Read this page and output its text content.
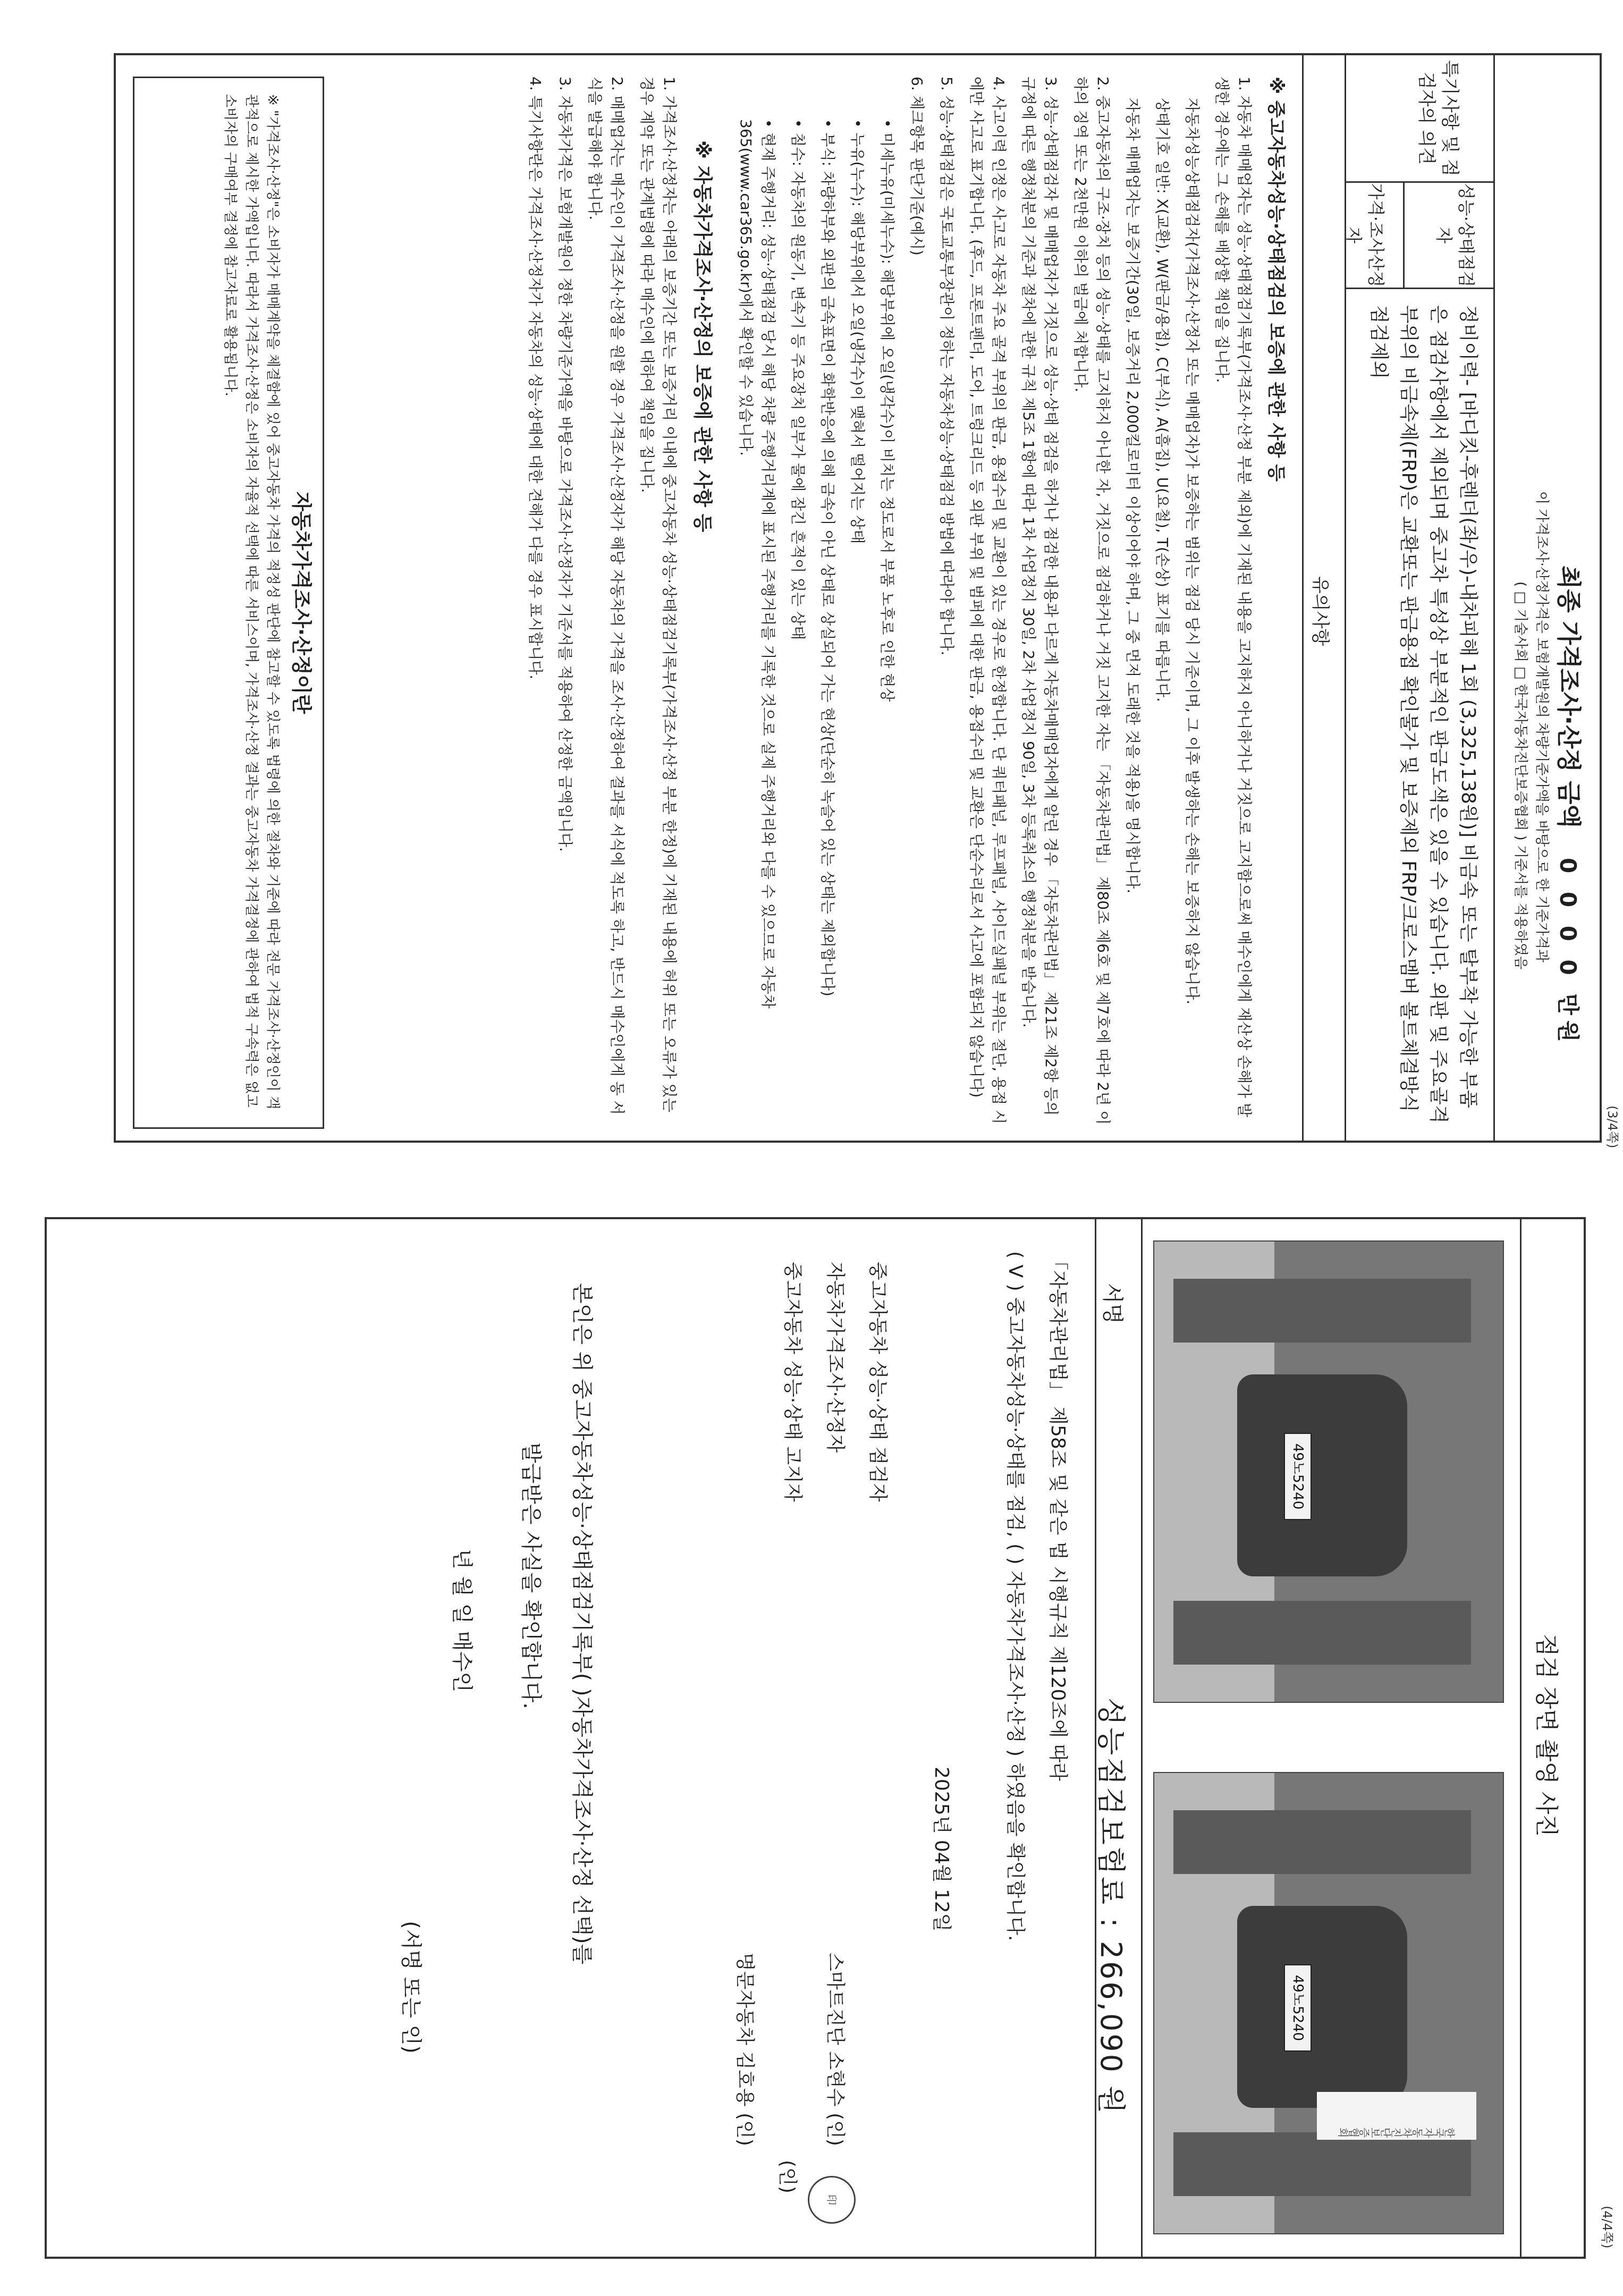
(3/4쪽)
최종 가격조사·산정 금액 0 0 0 0 만원
이 가격조사·산정가격은 보험개발원의 차량기준가액을 바탕으로 한 기준가격과
( □ 기술사회 □ 한국자동차진단보증협회 ) 기준서를 적용하였음
특기사항 및 점검자의 의견
성능·상태점검자
가격·조사산정자
정비이력- [바디킷-후렌더(좌/우)-내차피해 1회 (3,325,138원)] 비금속 또는 탈부착 가능한 부품은 점검사항에서 제외되며 중고차 특성상 부분적인 판금도색은 있을 수 있습니다. 외판 및 주요골격부위의 비금속제(FRP)은 교환또는 판금용접 확인불가 및 보증제외 FRP/크로스멤버 볼트체결방식 점검제외
유의사항

※ 중고자동차성능·상태점검의 보증에 관한 사항 등

1. 자동차 매매업자는 성능·상태점검기록부(가격조사·산정 부분 제외)에 기재된 내용을 고지하지 아니하거나 거짓으로 고지함으로써 매수인에게 재산상 손해가 발생한 경우에는 그 손해를 배상할 책임을 집니다.

자동차성능상태점검자(가격조사·산정자 또는 매매업자)가 보증하는 범위는 점검 당시 기준이며, 그 이후 발생하는 손해는 보증하지 않습니다.

상태기호 일반: X(교환), W(판금/용접), C(부식), A(흠집), U(요철), T(손상) 표기를 따릅니다.

자동차 매매업자는 보증기간(30일, 보증거리 2,000킬로미터 이상이어야 하며, 그 중 먼저 도래한 것을 적용)을 명시합니다.

2. 중고자동차의 구조·장치 등의 성능·상태를 고지하지 아니한 자, 거짓으로 점검하거나 거짓 고지한 자는 「자동차관리법」 제80조 제6호 및 제7호에 따라 2년 이하의 징역 또는 2천만원 이하의 벌금에 처합니다.

3. 성능·상태점검자 및 매매업자가 거짓으로 성능·상태 점검을 하거나 점검한 내용과 다르게 자동차매매업자에게 알린 경우 「자동차관리법」 제21조 제2항 등의 규정에 따른 행정처분의 기준과 절차에 관한 규칙 제5조 1항에 따라 1차 사업정지 30일, 2차 사업정지 90일, 3차 등록취소의 행정처분을 받습니다.

4. 사고이력 인정은 사고로 자동차 주요 골격 부위의 판금, 용접수리 및 교환이 있는 경우로 한정합니다. 단 쿼터패널, 루프패널, 사이드실패널 부위는 절단, 용접 시에만 사고로 표기합니다. (후드, 프론트펜더, 도어, 트렁크리드 등 외판 부위 및 범퍼에 대한 판금, 용접수리 및 교환은 단순수리로서 사고에 포함되지 않습니다)

5. 성능·상태점검은 국토교통부장관이 정하는 자동차성능·상태점검 방법에 따라야 합니다.

6. 체크항목 판단기준(예시)

• 미세누유(미세누수): 해당부위에 오일(냉각수)이 비치는 정도로서 부품 노후로 인한 현상

• 누유(누수): 해당부위에서 오일(냉각수)이 맺혀서 떨어지는 상태

• 부식: 차량하부와 외판의 금속표면이 화학반응에 의해 금속이 아닌 상태로 상실되어 가는 현상(단순히 녹슬어 있는 상태는 제외합니다)

• 침수: 자동차의 원동기, 변속기 등 주요장치 일부가 물에 잠긴 흔적이 있는 상태

• 현재 주행거리: 성능·상태점검 당시 해당 차량 주행거리계에 표시된 주행거리를 기록한 것으로 실제 주행거리와 다를 수 있으므로 자동차365(www.car365.go.kr)에서 확인할 수 있습니다.

※ 자동차가격조사·산정의 보증에 관한 사항 등

1. 가격조사·산정자는 아래의 보증기간 또는 보증거리 이내에 중고자동차 성능·상태점검기록부(가격조사·산정 부분 한정)에 기재된 내용에 허위 또는 오류가 있는 경우 계약 또는 관계법령에 따라 매수인에 대하여 책임을 집니다.

2. 매매업자는 매수인이 가격조사·산정을 원할 경우 가격조사·산정자가 해당 자동차의 가격을 조사·산정하여 결과를 서식에 적도록 하고, 반드시 매수인에게 동 서식을 발급해야 합니다.

3. 자동차가격은 보험개발원이 정한 차량기준가액을 바탕으로 가격조사·산정자가 기준서를 적용하여 산정한 금액입니다.

4. 특기사항란은 가격조사·산정자가 자동차의 성능·상태에 대한 견해가 다를 경우 표시합니다.

자동차가격조사·산정이란
※ "가격조사·산정"은 소비자가 매매계약을 체결함에 있어 중고자동차 가격의 적정성 판단에 참고할 수 있도록 법령에 의한 절차와 기준에 따라 전문 가격조사·산정인이 객관적으로 제시한 가액입니다. 따라서 가격조사·산정은 소비자의 자율적 선택에 따른 서비스이며, 가격조사·산정 결과는 중고자동차 가격결정에 관하여 법적 구속력은 없고 소비자의 구매여부 결정에 참고자료로 활용됩니다.
(4/4쪽)
점검 장면 촬영 사진
49노5240
49노5240
한국자동차진단보증협회
서명
성능점검보험료 : 266,090 원

「자동차관리법」 제58조 및 같은 법 시행규칙 제120조에 따라

( V ) 중고자동차성능·상태를 점검, ( ) 자동차가격조사·산정 ) 하였음을 확인합니다.

2025년 04월 12일
중고자동차 성능·상태 점검자
스마트진단 소현수 (인)
印
자동차가격조사·산정자
(인)
중고자동차 성능·상태 고지자
명문자동차 김호용 (인)

본인은 위 중고자동차성능·상태점검기록부( )자동차가격조사·산정 선택)를

발급받은 사실을 확인합니다.

년 월 일 매수인

(서명 또는 인)
